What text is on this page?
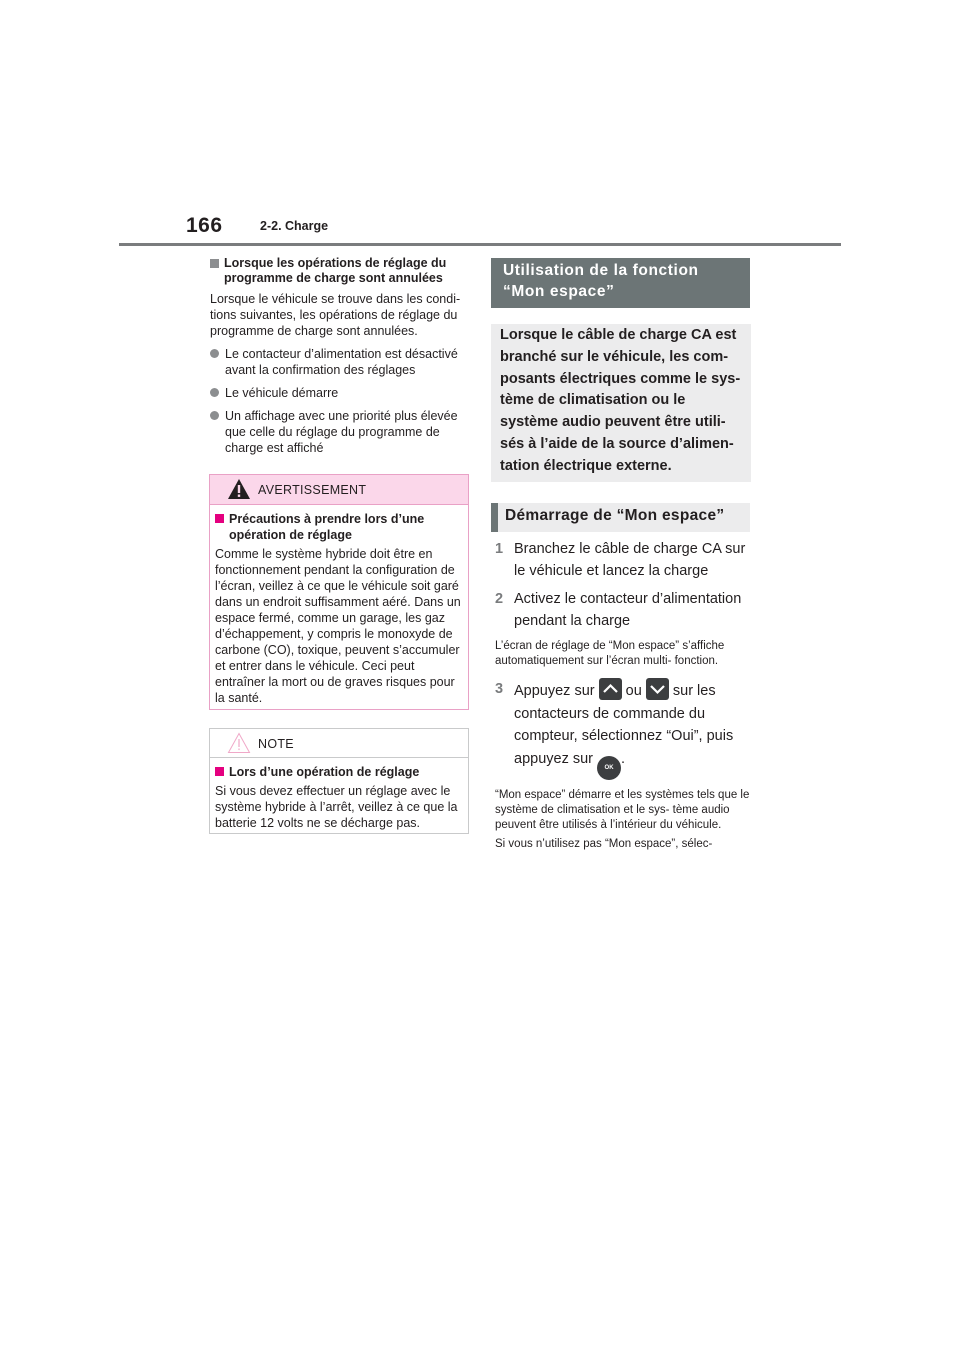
166	2-2. Charge
Lorsque les opérations de réglage du programme de charge sont annulées
Lorsque le véhicule se trouve dans les condi- tions suivantes, les opérations de réglage du programme de charge sont annulées.
Le contacteur d’alimentation est désactivé avant la confirmation des réglages
Le véhicule démarre
Un affichage avec une priorité plus élevée que celle du réglage du programme de charge est affiché
AVERTISSEMENT
Précautions à prendre lors d’une opération de réglage
Comme le système hybride doit être en fonctionnement pendant la configuration de l’écran, veillez à ce que le véhicule soit garé dans un endroit suffisamment aéré. Dans un espace fermé, comme un garage, les gaz d’échappement, y compris le monoxyde de carbone (CO), toxique, peuvent s’accumuler et entrer dans le véhicule. Ceci peut entraîner la mort ou de graves risques pour la santé.
NOTE
Lors d’une opération de réglage
Si vous devez effectuer un réglage avec le système hybride à l’arrêt, veillez à ce que la batterie 12 volts ne se décharge pas.
Utilisation de la fonction “Mon espace”
Lorsque le câble de charge CA est branché sur le véhicule, les com- posants électriques comme le sys- tème de climatisation ou le système audio peuvent être utili- sés à l’aide de la source d’alimen- tation électrique externe.
Démarrage de “Mon espace”
1 Branchez le câble de charge CA sur le véhicule et lancez la charge
2 Activez le contacteur d’alimentation pendant la charge
L’écran de réglage de “Mon espace” s’affiche automatiquement sur l’écran multi- fonction.
3 Appuyez sur ou sur les contacteurs de commande du compteur, sélectionnez “Oui”, puis appuyez sur OK.
“Mon espace” démarre et les systèmes tels que le système de climatisation et le sys- tème audio peuvent être utilisés à l’intérieur du véhicule.
Si vous n’utilisez pas “Mon espace”, sélec-
